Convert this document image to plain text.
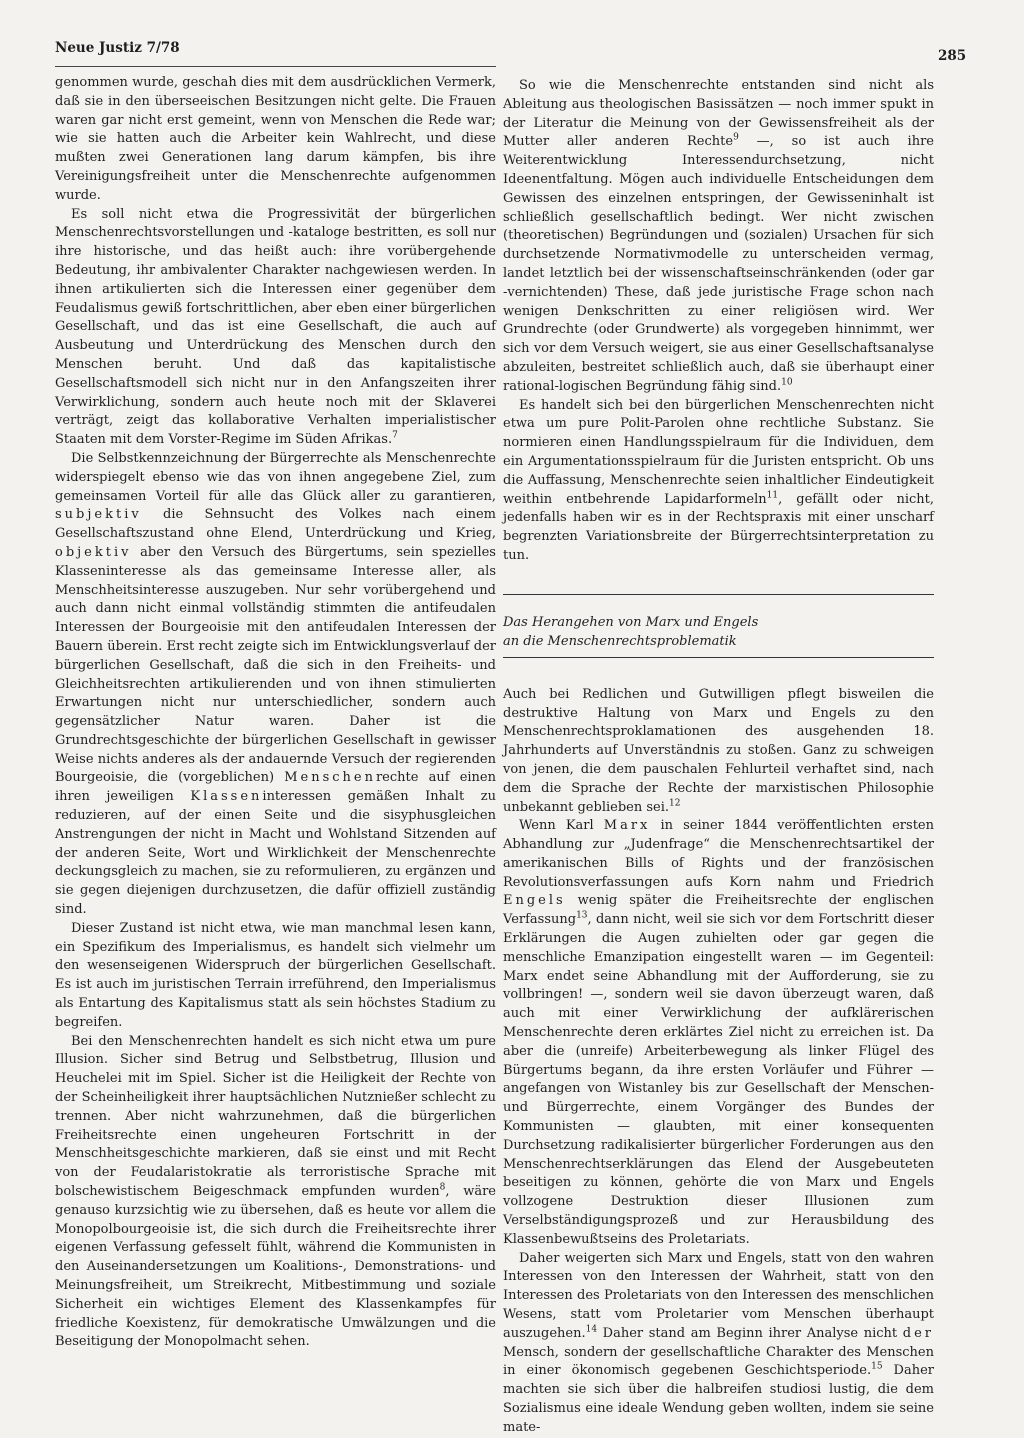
Neue Justiz 7/78	285

genommen wurde, geschah dies mit dem ausdrücklichen Vermerk, daß sie in den überseeischen Besitzungen nicht gelte. Die Frauen waren gar nicht erst gemeint, wenn von Menschen die Rede war; wie sie hatten auch die Arbeiter kein Wahlrecht, und diese mußten zwei Generationen lang darum kämpfen, bis ihre Vereinigungsfreiheit unter die Menschenrechte aufgenommen wurde.

Es soll nicht etwa die Progressivität der bürgerlichen Menschenrechtsvorstellungen und -kataloge bestritten, es soll nur ihre historische, und das heißt auch: ihre vorübergehende Bedeutung, ihr ambivalenter Charakter nachgewiesen werden. In ihnen artikulierten sich die Interessen einer gegenüber dem Feudalismus gewiß fortschrittlichen, aber eben einer bürgerlichen Gesellschaft, und das ist eine Gesellschaft, die auch auf Ausbeutung und Unterdrückung des Menschen durch den Menschen beruht. Und daß das kapitalistische Gesellschaftsmodell sich nicht nur in den Anfangszeiten ihrer Verwirklichung, sondern auch heute noch mit der Sklaverei verträgt, zeigt das kollaborative Verhalten imperialistischer Staaten mit dem Vorster-Regime im Süden Afrikas.$^7$

Die Selbstkennzeichnung der Bürgerrechte als Menschenrechte widerspiegelt ebenso wie das von ihnen angegebene Ziel, zum gemeinsamen Vorteil für alle das Glück aller zu garantieren, subjektiv die Sehnsucht des Volkes nach einem Gesellschaftszustand ohne Elend, Unterdrückung und Krieg, objektiv aber den Versuch des Bürgertums, sein spezielles Klasseninteresse als das gemeinsame Interesse aller, als Menschheitsinteresse auszugeben. Nur sehr vorübergehend und auch dann nicht einmal vollständig stimmten die antifeudalen Interessen der Bourgeoisie mit den antifeudalen Interessen der Bauern überein. Erst recht zeigte sich im Entwicklungsverlauf der bürgerlichen Gesellschaft, daß die sich in den Freiheits- und Gleichheitsrechten artikulierenden und von ihnen stimulierten Erwartungen nicht nur unterschiedlicher, sondern auch gegensätzlicher Natur waren. Daher ist die Grundrechtsgeschichte der bürgerlichen Gesellschaft in gewisser Weise nichts anderes als der andauernde Versuch der regierenden Bourgeoisie, die (vorgeblichen) Menschenrechte auf einen ihren jeweiligen Klasseninteressen gemäßen Inhalt zu reduzieren, auf der einen Seite und die sisyphusgleichen Anstrengungen der nicht in Macht und Wohlstand Sitzenden auf der anderen Seite, Wort und Wirklichkeit der Menschenrechte deckungsgleich zu machen, sie zu reformulieren, zu ergänzen und sie gegen diejenigen durchzusetzen, die dafür offiziell zuständig sind.

Dieser Zustand ist nicht etwa, wie man manchmal lesen kann, ein Spezifikum des Imperialismus, es handelt sich vielmehr um den wesenseigenen Widerspruch der bürgerlichen Gesellschaft. Es ist auch im juristischen Terrain irreführend, den Imperialismus als Entartung des Kapitalismus statt als sein höchstes Stadium zu begreifen.

Bei den Menschenrechten handelt es sich nicht etwa um pure Illusion. Sicher sind Betrug und Selbstbetrug, Illusion und Heuchelei mit im Spiel. Sicher ist die Heiligkeit der Rechte von der Scheinheiligkeit ihrer hauptsächlichen Nutznießer schlecht zu trennen. Aber nicht wahrzunehmen, daß die bürgerlichen Freiheitsrechte einen ungeheuren Fortschritt in der Menschheitsgeschichte markieren, daß sie einst und mit Recht von der Feudalaristokratie als terroristische Sprache mit bolschewistischem Beigeschmack empfunden wurden$^8$, wäre genauso kurzsichtig wie zu übersehen, daß es heute vor allem die Monopolbourgeoisie ist, die sich durch die Freiheitsrechte ihrer eigenen Verfassung gefesselt fühlt, während die Kommunisten in den Auseinandersetzungen um Koalitions-, Demonstrations- und Meinungsfreiheit, um Streikrecht, Mitbestimmung und soziale Sicherheit ein wichtiges Element des Klassenkampfes für friedliche Koexistenz, für demokratische Umwälzungen und die Beseitigung der Monopolmacht sehen.

So wie die Menschenrechte entstanden sind nicht als Ableitung aus theologischen Basissätzen — noch immer spukt in der Literatur die Meinung von der Gewissensfreiheit als der Mutter aller anderen Rechte$^9$ —, so ist auch ihre Weiterentwicklung Interessendurchsetzung, nicht Ideenentfaltung. Mögen auch individuelle Entscheidungen dem Gewissen des einzelnen entspringen, der Gewisseninhalt ist schließlich gesellschaftlich bedingt. Wer nicht zwischen (theoretischen) Begründungen und (sozialen) Ursachen für sich durchsetzende Normativmodelle zu unterscheiden vermag, landet letztlich bei der wissenschaftseinschränkenden (oder gar -vernichtenden) These, daß jede juristische Frage schon nach wenigen Denkschritten zu einer religiösen wird. Wer Grundrechte (oder Grundwerte) als vorgegeben hinnimmt, wer sich vor dem Versuch weigert, sie aus einer Gesellschaftsanalyse abzuleiten, bestreitet schließlich auch, daß sie überhaupt einer rational-logischen Begründung fähig sind.$^{10}$

Es handelt sich bei den bürgerlichen Menschenrechten nicht etwa um pure Polit-Parolen ohne rechtliche Substanz. Sie normieren einen Handlungsspielraum für die Individuen, dem ein Argumentationsspielraum für die Juristen entspricht. Ob uns die Auffassung, Menschenrechte seien inhaltlicher Eindeutigkeit weithin entbehrende Lapidarformeln$^{11}$, gefällt oder nicht, jedenfalls haben wir es in der Rechtspraxis mit einer unscharf begrenzten Variationsbreite der Bürgerrechtsinterpretation zu tun.

Das Herangehen von Marx und Engels
an die Menschenrechtsproblematik

Auch bei Redlichen und Gutwilligen pflegt bisweilen die destruktive Haltung von Marx und Engels zu den Menschenrechtsproklamationen des ausgehenden 18. Jahrhunderts auf Unverständnis zu stoßen. Ganz zu schweigen von jenen, die dem pauschalen Fehlurteil verhaftet sind, nach dem die Sprache der Rechte der marxistischen Philosophie unbekannt geblieben sei.$^{12}$

Wenn Karl Marx in seiner 1844 veröffentlichten ersten Abhandlung zur „Judenfrage“ die Menschenrechtsartikel der amerikanischen Bills of Rights und der französischen Revolutionsverfassungen aufs Korn nahm und Friedrich Engels wenig später die Freiheitsrechte der englischen Verfassung$^{13}$, dann nicht, weil sie sich vor dem Fortschritt dieser Erklärungen die Augen zuhielten oder gar gegen die menschliche Emanzipation eingestellt waren — im Gegenteil: Marx endet seine Abhandlung mit der Aufforderung, sie zu vollbringen! —, sondern weil sie davon überzeugt waren, daß auch mit einer Verwirklichung der aufklärerischen Menschenrechte deren erklärtes Ziel nicht zu erreichen ist. Da aber die (unreife) Arbeiterbewegung als linker Flügel des Bürgertums begann, da ihre ersten Vorläufer und Führer — angefangen von Wistanley bis zur Gesellschaft der Menschen- und Bürgerrechte, einem Vorgänger des Bundes der Kommunisten — glaubten, mit einer konsequenten Durchsetzung radikalisierter bürgerlicher Forderungen aus den Menschenrechtserklärungen das Elend der Ausgebeuteten beseitigen zu können, gehörte die von Marx und Engels vollzogene Destruktion dieser Illusionen zum Verselbständigungsprozeß und zur Herausbildung des Klassenbewußtseins des Proletariats.

Daher weigerten sich Marx und Engels, statt von den wahren Interessen von den Interessen der Wahrheit, statt von den Interessen des Proletariats von den Interessen des menschlichen Wesens, statt vom Proletarier vom Menschen überhaupt auszugehen.$^{14}$ Daher stand am Beginn ihrer Analyse nicht der Mensch, sondern der gesellschaftliche Charakter des Menschen in einer ökonomisch gegebenen Geschichtsperiode.$^{15}$ Daher machten sie sich über die halbreifen studiosi lustig, die dem Sozialismus eine ideale Wendung geben wollten, indem sie seine mate-
